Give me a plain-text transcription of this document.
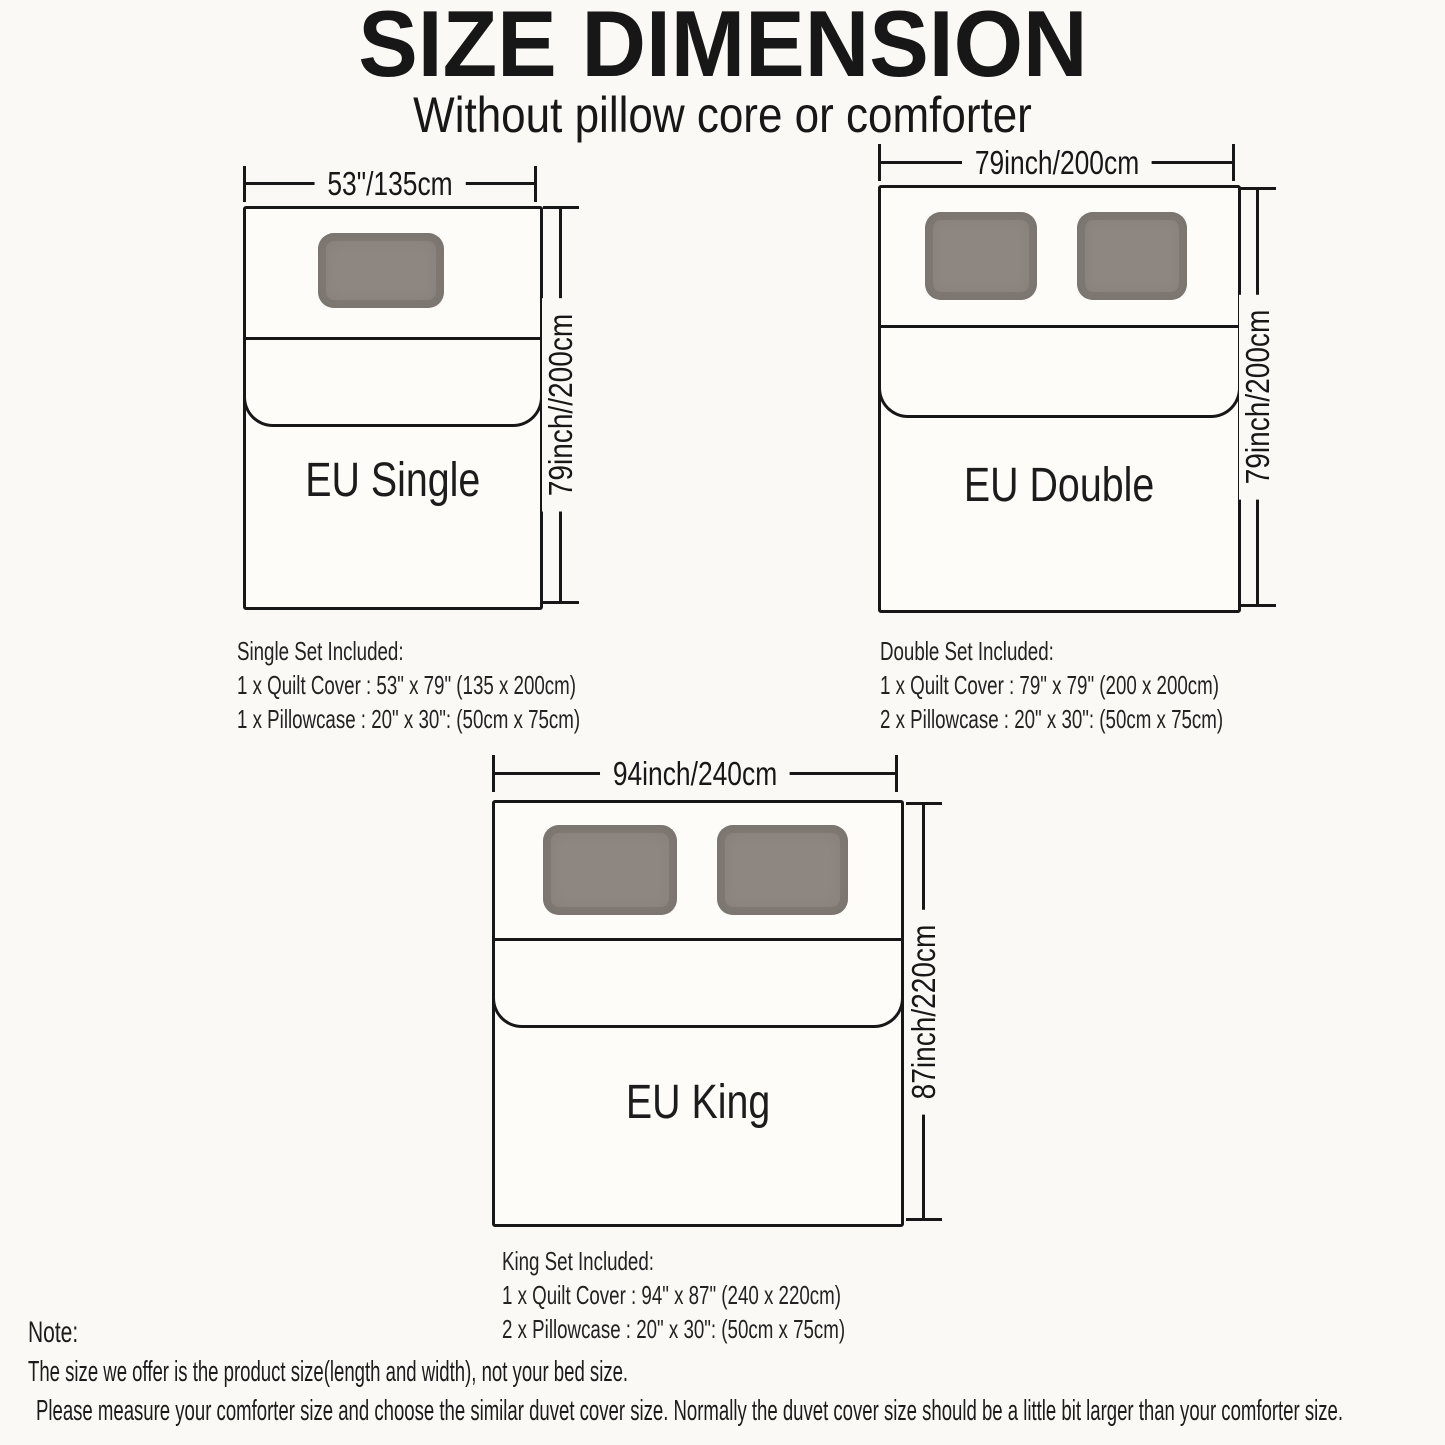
SIZE DIMENSION
Without pillow core or comforter
53"/135cm
EU Single 79inch//200cm
Single Set Included:
1 x Quilt Cover : 53" x 79" (135 x 200cm)
1 x Pillowcase : 20" x 30": (50cm x 75cm)
79inch/200cm
EU Double
79inch/200cm
Double Set Included:
1 x Quilt Cover : 79" x 79" (200 x 200cm)
2 x Pillowcase : 20" x 30": (50cm x 75cm)
94inch/240cm
EU King
87inch/220cm
King Set Included:
1 x Quilt Cover : 94" x 87" (240 x 220cm)
2 x Pillowcase : 20" x 30": (50cm x 75cm)
Note:
The size we offer is the product size(length and width), not your bed size.
Please measure your comforter size and choose the similar duvet cover size. Normally the duvet cover size should be a little bit larger than your comforter size.
